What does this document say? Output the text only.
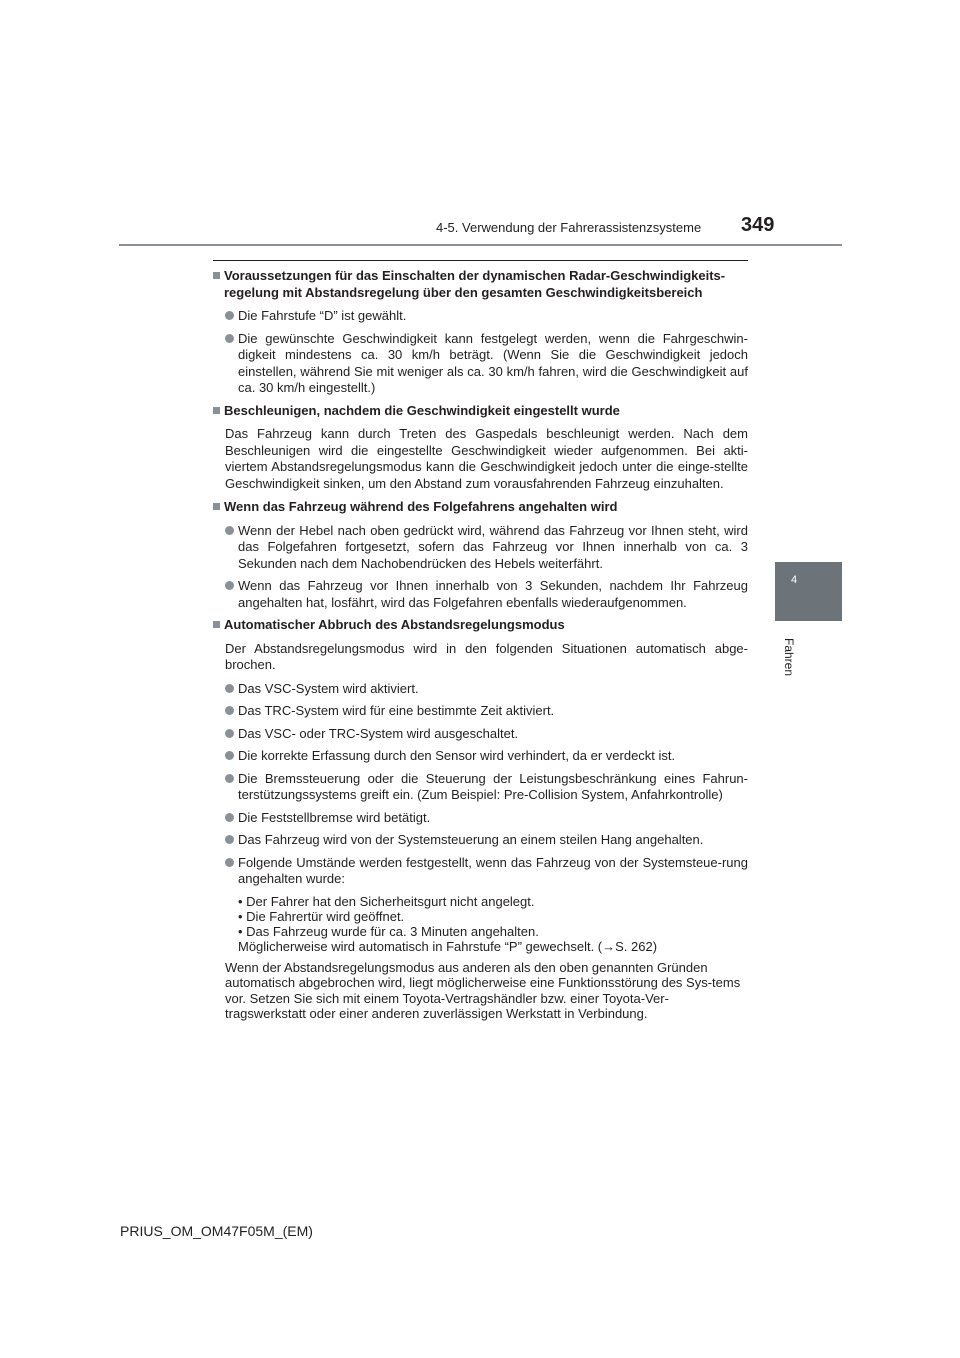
4-5. Verwendung der Fahrerassistenzsysteme 349
4
Fahren
Voraussetzungen für das Einschalten der dynamischen Radar-Geschwindigkeits-
regelung mit Abstandsregelung über den gesamten Geschwindigkeitsbereich
Die Fahrstufe “D” ist gewählt.
Die gewünschte Geschwindigkeit kann festgelegt werden, wenn die Fahrgeschwin-digkeit mindestens ca. 30 km/h beträgt. (Wenn Sie die Geschwindigkeit jedoch einstellen, während Sie mit weniger als ca. 30 km/h fahren, wird die Geschwindigkeit auf ca. 30 km/h eingestellt.)
Beschleunigen, nachdem die Geschwindigkeit eingestellt wurde
Das Fahrzeug kann durch Treten des Gaspedals beschleunigt werden. Nach dem Beschleunigen wird die eingestellte Geschwindigkeit wieder aufgenommen. Bei akti-viertem Abstandsregelungsmodus kann die Geschwindigkeit jedoch unter die einge-stellte Geschwindigkeit sinken, um den Abstand zum vorausfahrenden Fahrzeug einzuhalten.
Wenn das Fahrzeug während des Folgefahrens angehalten wird
Wenn der Hebel nach oben gedrückt wird, während das Fahrzeug vor Ihnen steht, wird das Folgefahren fortgesetzt, sofern das Fahrzeug vor Ihnen innerhalb von ca. 3 Sekunden nach dem Nachobendrücken des Hebels weiterfährt.
Wenn das Fahrzeug vor Ihnen innerhalb von 3 Sekunden, nachdem Ihr Fahrzeug angehalten hat, losfährt, wird das Folgefahren ebenfalls wiederaufgenommen.
Automatischer Abbruch des Abstandsregelungsmodus
Der Abstandsregelungsmodus wird in den folgenden Situationen automatisch abge-brochen.
Das VSC-System wird aktiviert.
Das TRC-System wird für eine bestimmte Zeit aktiviert.
Das VSC- oder TRC-System wird ausgeschaltet.
Die korrekte Erfassung durch den Sensor wird verhindert, da er verdeckt ist.
Die Bremssteuerung oder die Steuerung der Leistungsbeschränkung eines Fahrun-terstützungssystems greift ein. (Zum Beispiel: Pre-Collision System, Anfahrkontrolle)
Die Feststellbremse wird betätigt.
Das Fahrzeug wird von der Systemsteuerung an einem steilen Hang angehalten.
Folgende Umstände werden festgestellt, wenn das Fahrzeug von der Systemsteue-rung angehalten wurde:
• Der Fahrer hat den Sicherheitsgurt nicht angelegt.
• Die Fahrertür wird geöffnet.
• Das Fahrzeug wurde für ca. 3 Minuten angehalten.
Möglicherweise wird automatisch in Fahrstufe “P” gewechselt. (→S. 262)
Wenn der Abstandsregelungsmodus aus anderen als den oben genannten Gründen automatisch abgebrochen wird, liegt möglicherweise eine Funktionsstörung des Sys-tems vor. Setzen Sie sich mit einem Toyota-Vertragshändler bzw. einer Toyota-Ver-tragswerkstatt oder einer anderen zuverlässigen Werkstatt in Verbindung.
PRIUS_OM_OM47F05M_(EM)
